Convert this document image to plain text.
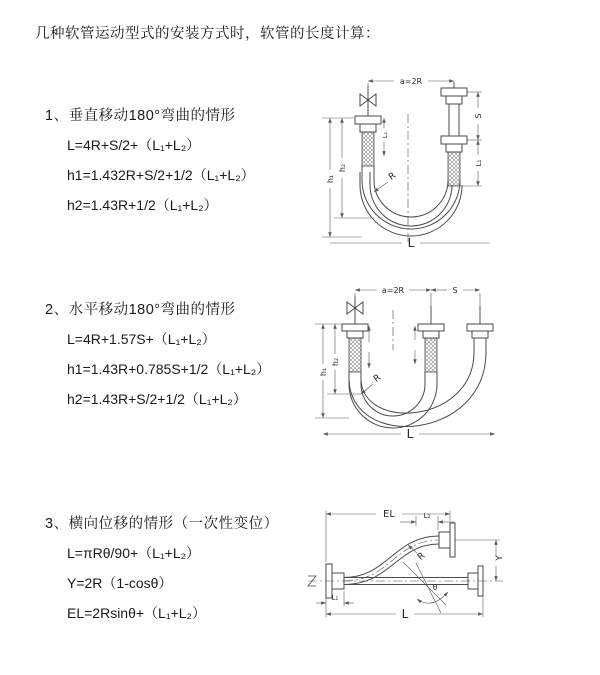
几种软管运动型式的安装方式时，软管的长度计算：
1、垂直移动180°弯曲的情形
L=4R+S/2+（L₁+L₂）
h1=1.432R+S/2+1/2（L₁+L₂）
h2=1.43R+1/2（L₁+L₂）
2、水平移动180°弯曲的情形
L=4R+1.57S+（L₁+L₂）
h1=1.43R+0.785S+1/2（L₁+L₂）
h2=1.43R+S/2+1/2（L₁+L₂）
3、横向位移的情形（一次性变位）
L=πRθ/90+（L₁+L₂）
Y=2R（1-cosθ）
EL=2Rsinθ+（L₁+L₂）
a=2R
h₁
h₂
S
L₁
L₁
R
L
a=2R	S
h₁
h₂
R
L
EL	L₂
Y
R
θ
L
L₁
